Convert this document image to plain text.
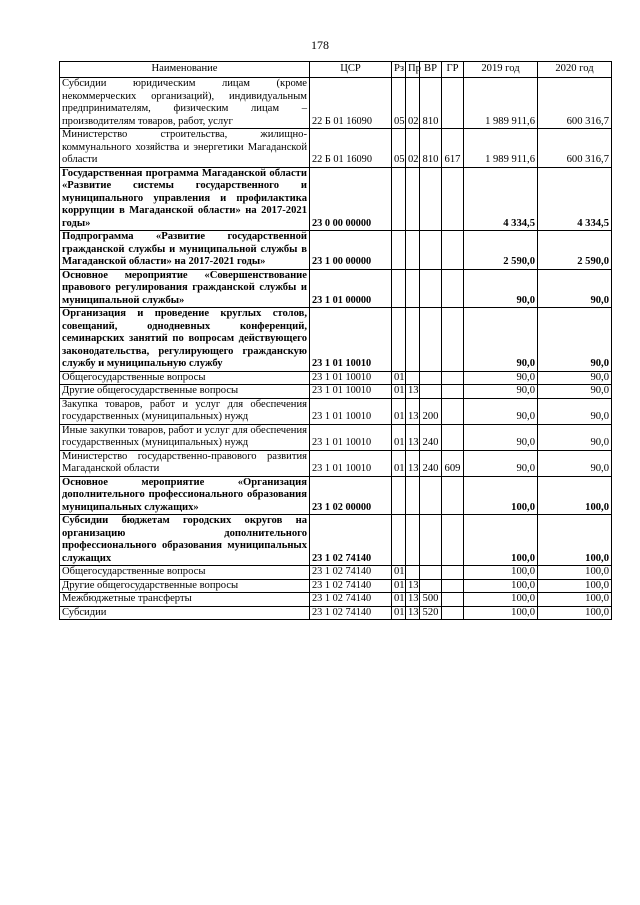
178
Наименование	ЦСР	Рз	Пр	ВР	ГР	2019 год	2020 год
Субсидии юридическим лицам (кроме некоммерческих организаций), индивидуальным предпринимателям, физическим лицам – производителям товаров, работ, услуг	22 Б 01 16090	05	02	810		1 989 911,6	600 316,7
Министерство строительства, жилищно-коммунального хозяйства и энергетики Магаданской области	22 Б 01 16090	05	02	810	617	1 989 911,6	600 316,7
Государственная программа Магаданской области «Развитие системы государственного и муниципального управления и профилактика коррупции в Магаданской области» на 2017-2021 годы»	23 0 00 00000					4 334,5	4 334,5
Подпрограмма «Развитие государственной гражданской службы и муниципальной службы в Магаданской области» на 2017-2021 годы»	23 1 00 00000					2 590,0	2 590,0
Основное мероприятие «Совершенствование правового регулирования гражданской службы и муниципальной службы»	23 1 01 00000					90,0	90,0
Организация и проведение круглых столов, совещаний, однодневных конференций, семинарских занятий по вопросам действующего законодательства, регулирующего гражданскую службу и муниципальную службу	23 1 01 10010					90,0	90,0
Общегосударственные вопросы	23 1 01 10010	01				90,0	90,0
Другие общегосударственные вопросы	23 1 01 10010	01	13			90,0	90,0
Закупка товаров, работ и услуг для обеспечения государственных (муниципальных) нужд	23 1 01 10010	01	13	200		90,0	90,0
Иные закупки товаров, работ и услуг для обеспечения государственных (муниципальных) нужд	23 1 01 10010	01	13	240		90,0	90,0
Министерство государственно-правового развития Магаданской области	23 1 01 10010	01	13	240	609	90,0	90,0
Основное мероприятие «Организация дополнительного профессионального образования муниципальных служащих»	23 1 02 00000					100,0	100,0
Субсидии бюджетам городских округов на организацию дополнительного профессионального образования муниципальных служащих	23 1 02 74140					100,0	100,0
Общегосударственные вопросы	23 1 02 74140	01				100,0	100,0
Другие общегосударственные вопросы	23 1 02 74140	01	13			100,0	100,0
Межбюджетные трансферты	23 1 02 74140	01	13	500		100,0	100,0
Субсидии	23 1 02 74140	01	13	520		100,0	100,0
